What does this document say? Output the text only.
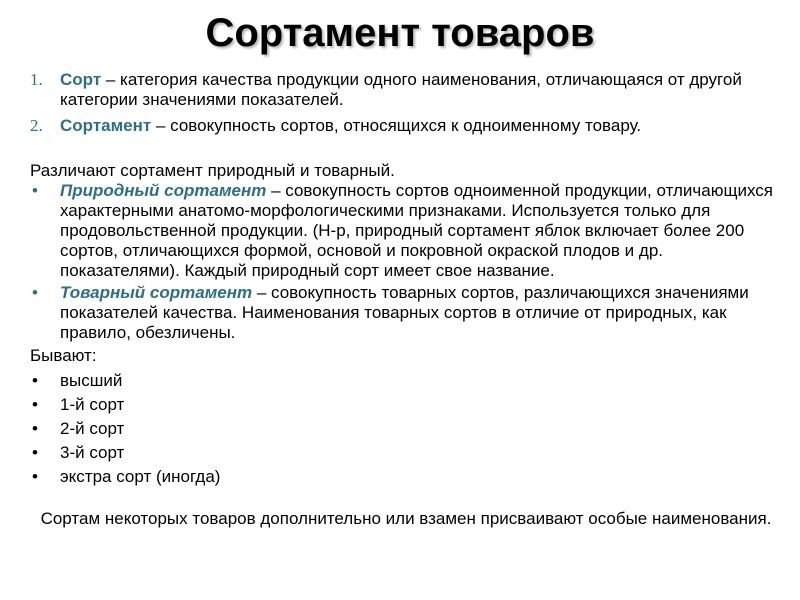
Сортамент товаров
1. Сорт – категория качества продукции одного наименования, отличающаяся от другой категории значениями показателей.
2. Сортамент – совокупность сортов, относящихся к одноименному товару.

Различают сортамент природный и товарный.

• Природный сортамент – совокупность сортов одноименной продукции, отличающихся характерными анатомо-морфологическими признаками. Используется только для продовольственной продукции. (Н-р, природный сортамент яблок включает более 200 сортов, отличающихся формой, основой и покровной окраской плодов и др. показателями). Каждый природный сорт имеет свое название.
• Товарный сортамент – совокупность товарных сортов, различающихся значениями показателей качества. Наименования товарных сортов в отличие от природных, как правило, обезличены.

Бывают:

• высший
• 1-й сорт
• 2-й сорт
• 3-й сорт
• экстра сорт (иногда)

Сортам некоторых товаров дополнительно или взамен присваивают особые наименования.
